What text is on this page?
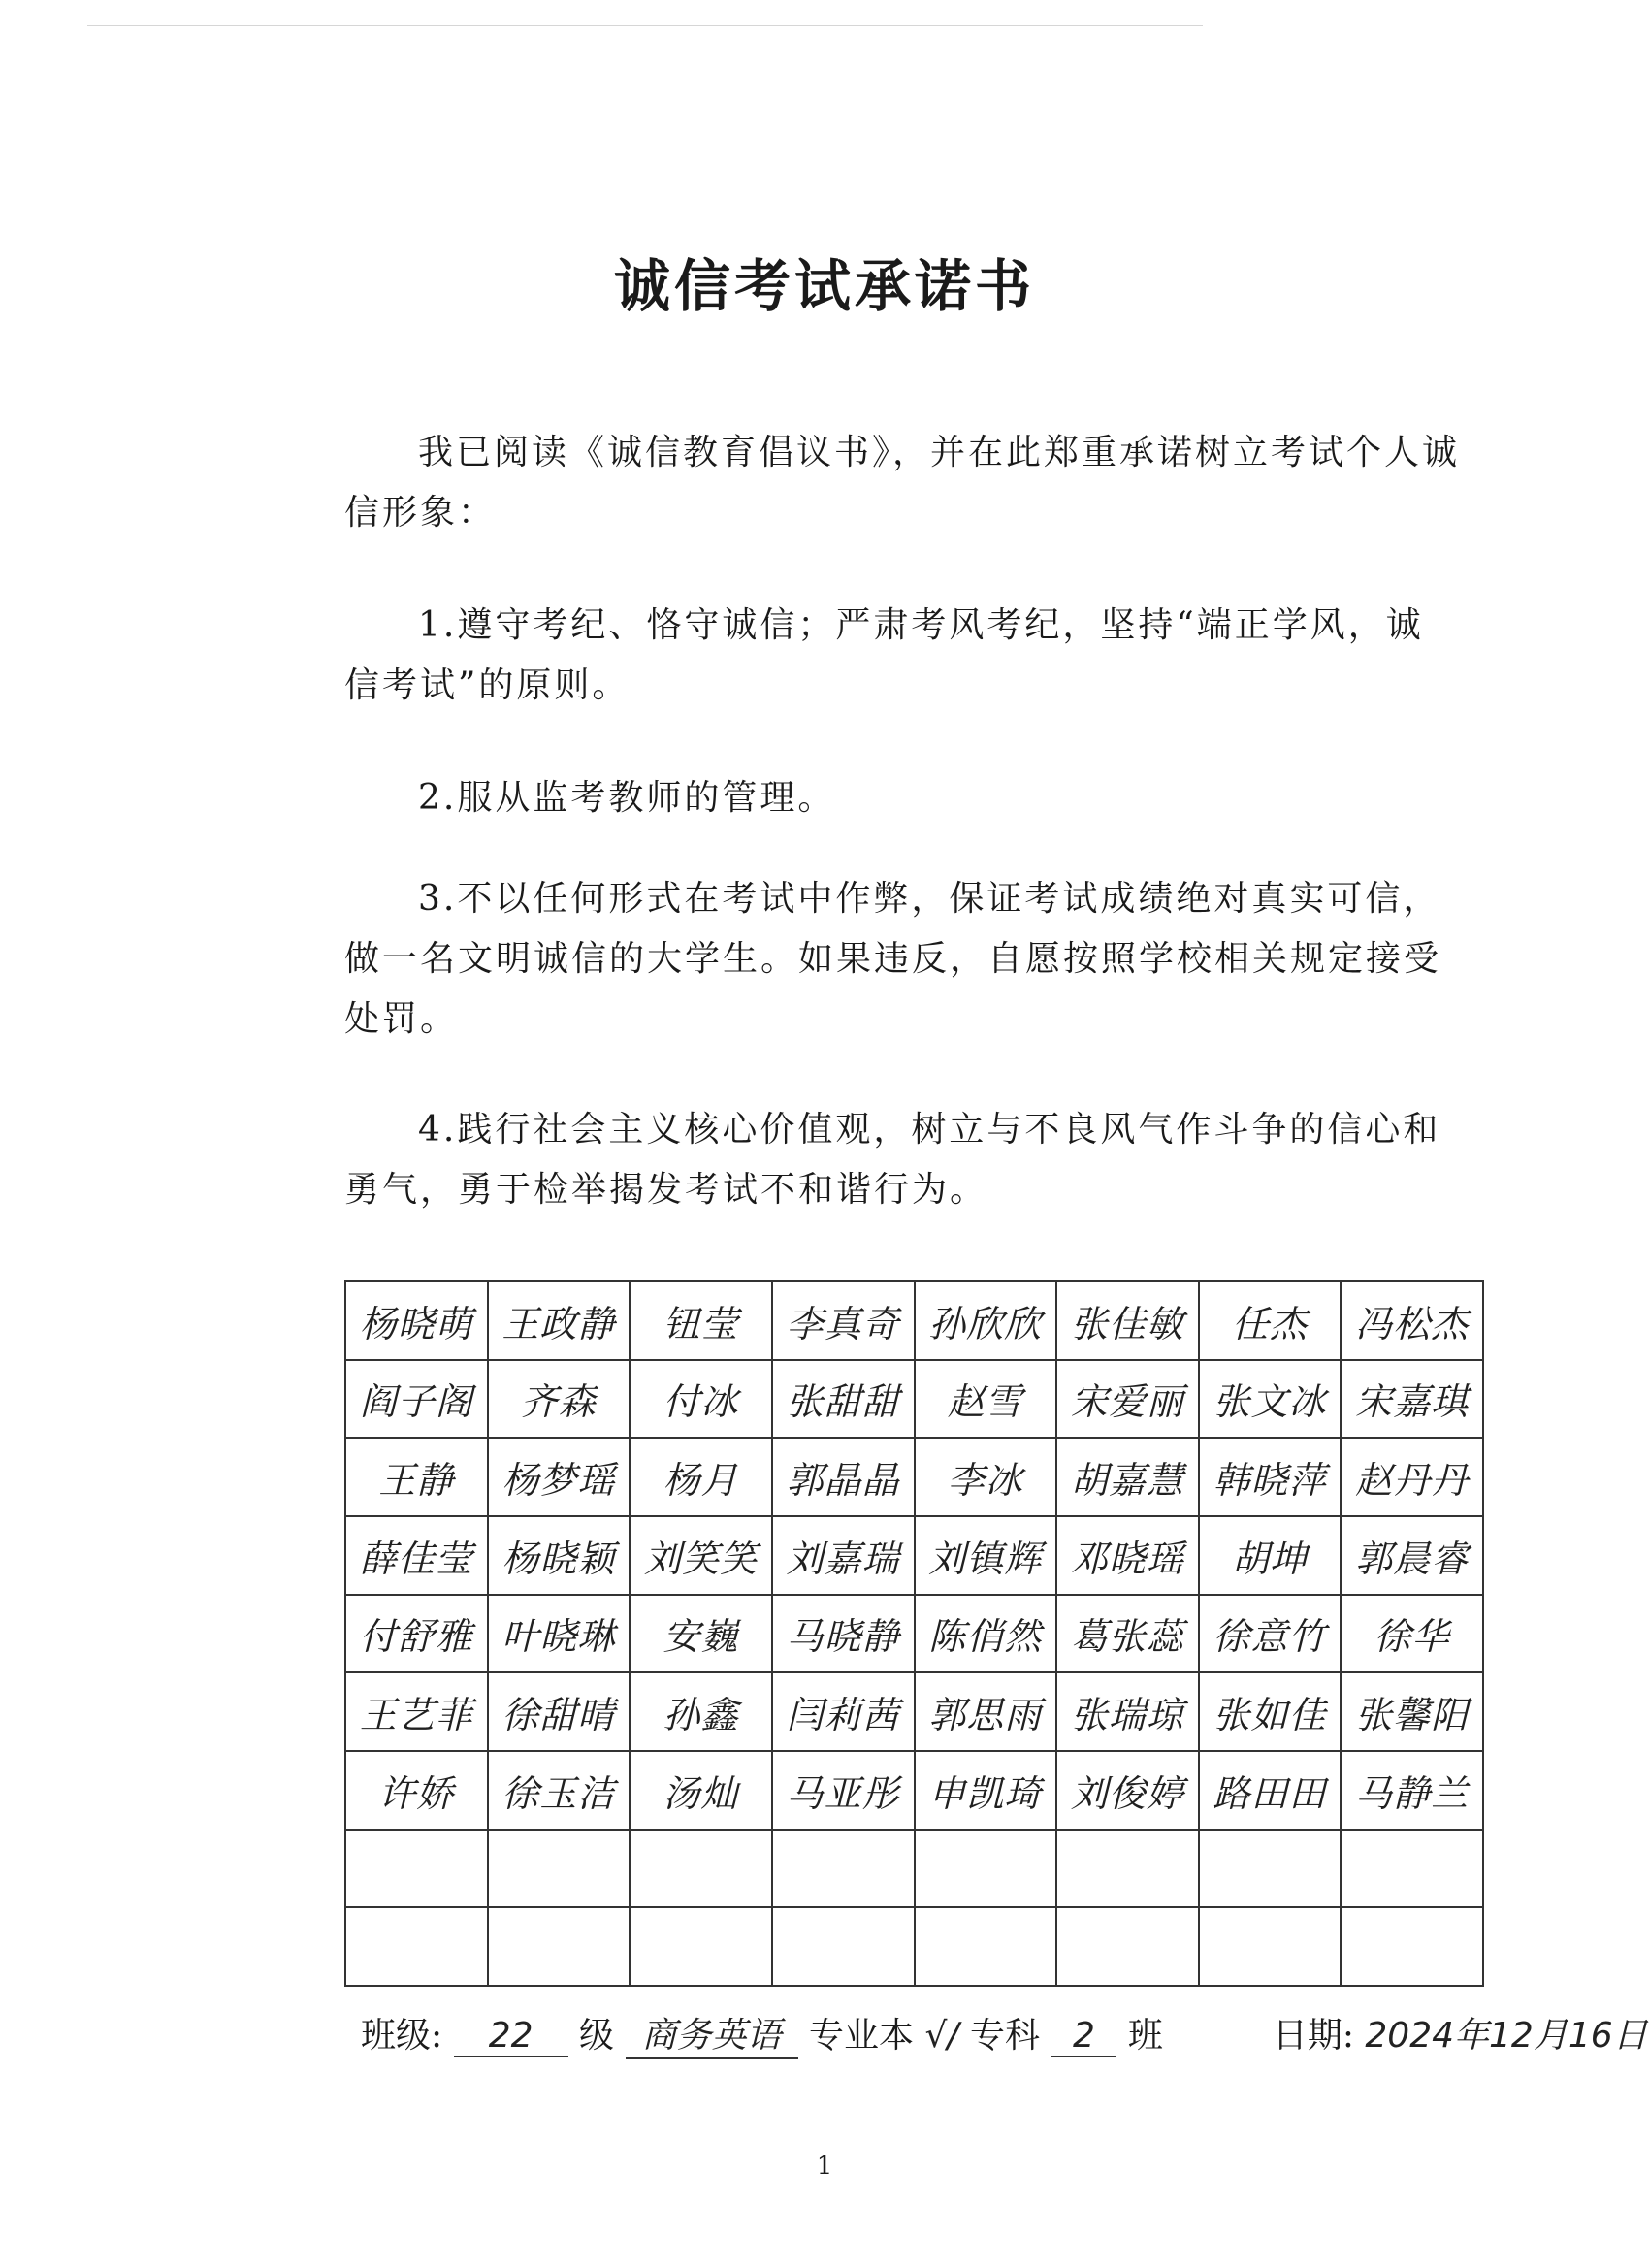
诚信考试承诺书

我已阅读《诚信教育倡议书》，并在此郑重承诺树立考试个人诚信形象：

1.遵守考纪、恪守诚信；严肃考风考纪，坚持“端正学风，诚信考试”的原则。

2.服从监考教师的管理。

3.不以任何形式在考试中作弊，保证考试成绩绝对真实可信，做一名文明诚信的大学生。如果违反，自愿按照学校相关规定接受处罚。

4.践行社会主义核心价值观，树立与不良风气作斗争的信心和勇气，勇于检举揭发考试不和谐行为。

杨晓萌	王政静	钮莹	李真奇	孙欣欣	张佳敏	任杰	冯松杰
阎子阁	齐森	付冰	张甜甜	赵雪	宋爱丽	张文冰	宋嘉琪
王静	杨梦瑶	杨月	郭晶晶	李冰	胡嘉慧	韩晓萍	赵丹丹
薛佳莹	杨晓颖	刘笑笑	刘嘉瑞	刘镇辉	邓晓瑶	胡坤	郭晨睿
付舒雅	叶晓琳	安巍	马晓静	陈俏然	葛张蕊	徐意竹	徐华
王艺菲	徐甜晴	孙鑫	闫莉茜	郭思雨	张瑞琼	张如佳	张馨阳
许娇	徐玉洁	汤灿	马亚彤	申凯琦	刘俊婷	路田田	马静兰

班级: 22 级 商务英语 专业本 √/ 专科 2 班	日期: 2024年12月16日
1
